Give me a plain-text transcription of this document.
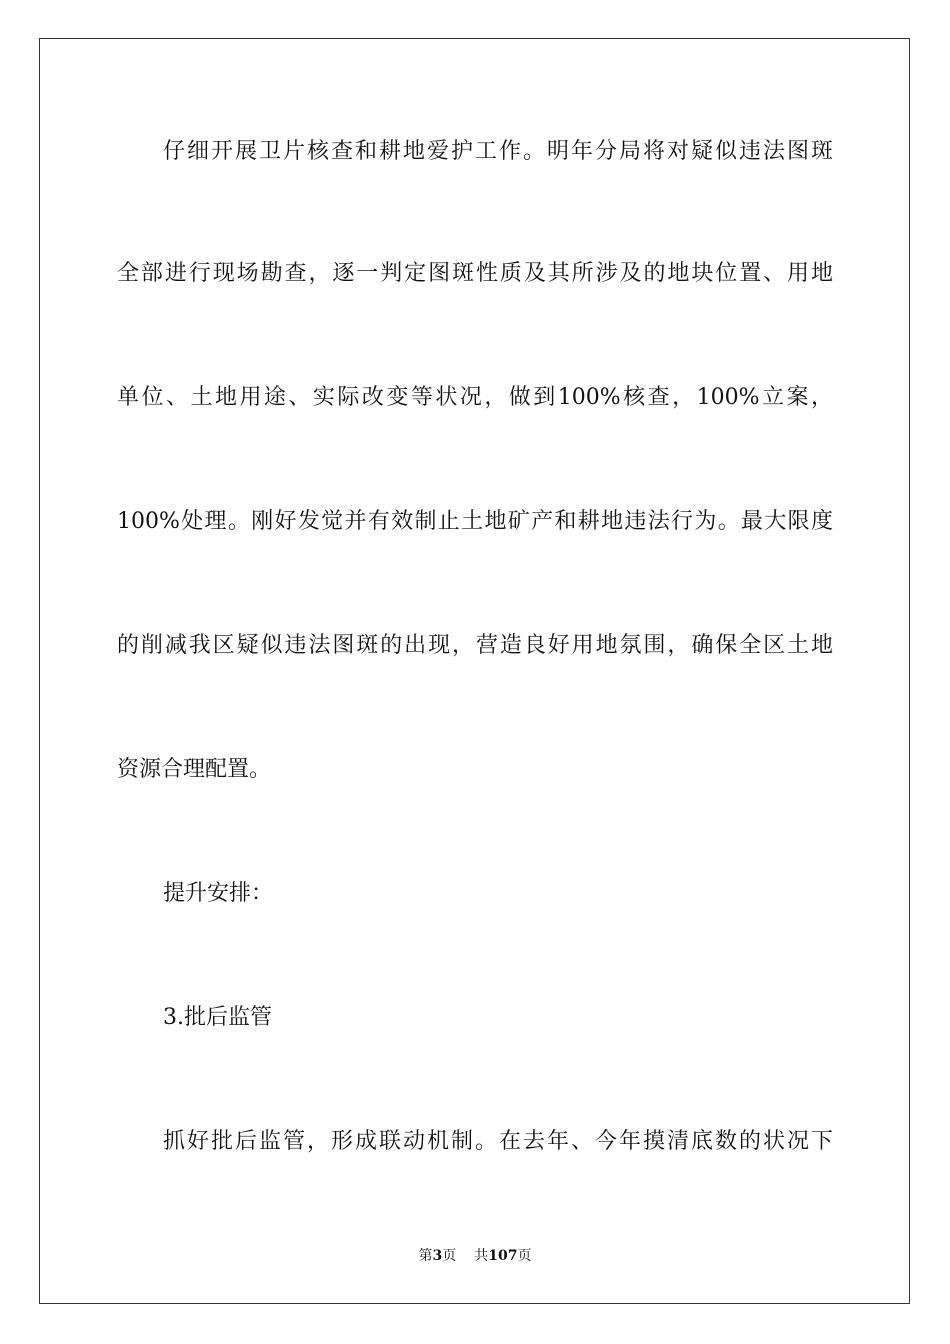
仔细开展卫片核查和耕地爱护工作。明年分局将对疑似违法图斑
全部进行现场勘查，逐一判定图斑性质及其所涉及的地块位置、用地
单位、土地用途、实际改变等状况，做到100%核查，100%立案，
100%处理。刚好发觉并有效制止土地矿产和耕地违法行为。最大限度
的削减我区疑似违法图斑的出现，营造良好用地氛围，确保全区土地
资源合理配置。
提升安排：
3.批后监管
抓好批后监管，形成联动机制。在去年、今年摸清底数的状况下
第3页 共107页
